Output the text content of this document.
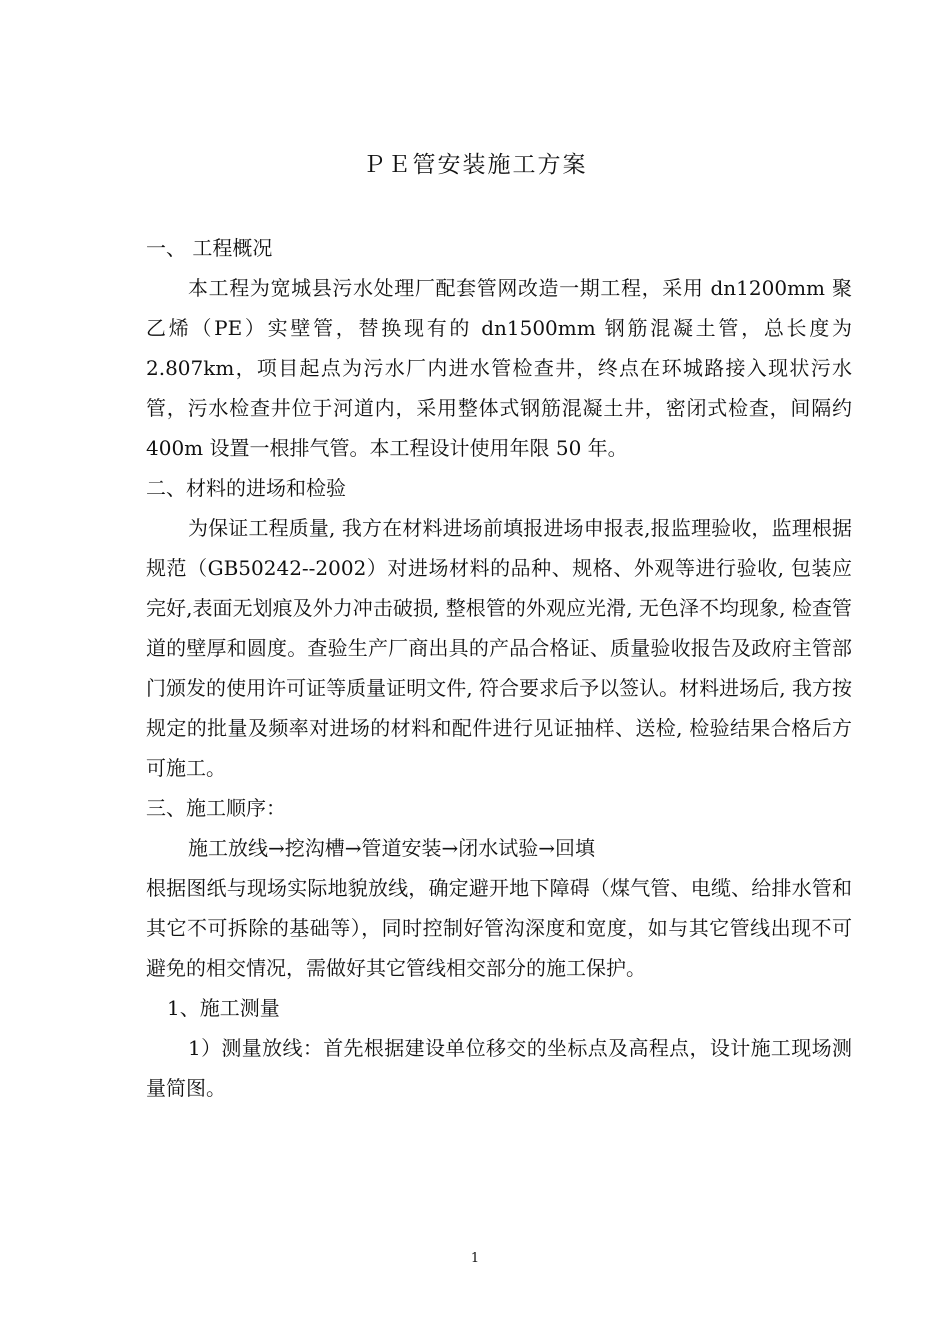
ＰＥ管安装施工方案

一、 工程概况

本工程为宽城县污水处理厂配套管网改造一期工程，采用 dn1200mm 聚乙烯（PE）实壁管，替换现有的 dn1500mm 钢筋混凝土管，总长度为 2.807km，项目起点为污水厂内进水管检查井，终点在环城路接入现状污水管，污水检查井位于河道内，采用整体式钢筋混凝土井，密闭式检查，间隔约 400m 设置一根排气管。本工程设计使用年限 50 年。

二、材料的进场和检验

为保证工程质量, 我方在材料进场前填报进场申报表,报监理验收，监理根据规范（GB50242--2002）对进场材料的品种、规格、外观等进行验收, 包装应完好,表面无划痕及外力冲击破损, 整根管的外观应光滑, 无色泽不均现象, 检查管道的壁厚和圆度。查验生产厂商出具的产品合格证、质量验收报告及政府主管部门颁发的使用许可证等质量证明文件, 符合要求后予以签认。材料进场后, 我方按规定的批量及频率对进场的材料和配件进行见证抽样、送检, 检验结果合格后方可施工。

三、施工顺序：

施工放线→挖沟槽→管道安装→闭水试验→回填

根据图纸与现场实际地貌放线，确定避开地下障碍（煤气管、电缆、给排水管和其它不可拆除的基础等），同时控制好管沟深度和宽度，如与其它管线出现不可避免的相交情况，需做好其它管线相交部分的施工保护。

1、施工测量

1）测量放线：首先根据建设单位移交的坐标点及高程点，设计施工现场测量简图。

1
